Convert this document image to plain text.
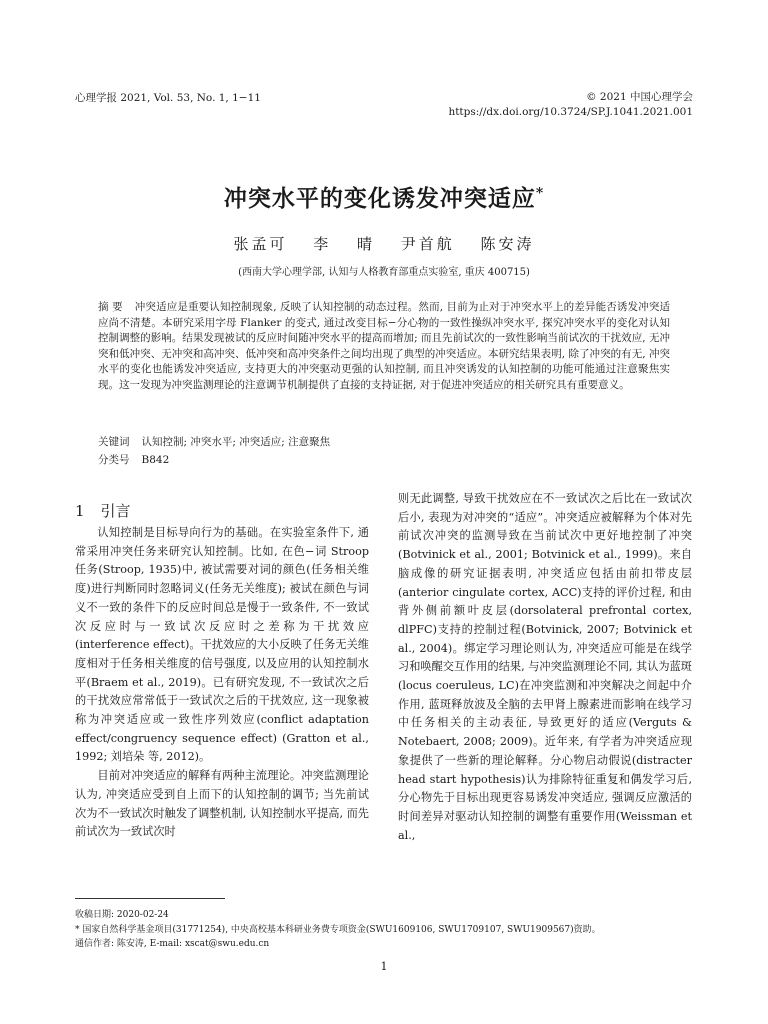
心理学报 2021, Vol. 53, No. 1, 1−11	© 2021 中国心理学会
https://dx.doi.org/10.3724/SP.J.1041.2021.001
冲突水平的变化诱发冲突适应*
张孟可 李 晴 尹首航 陈安涛
(西南大学心理学部, 认知与人格教育部重点实验室, 重庆 400715)
摘 要 冲突适应是重要认知控制现象, 反映了认知控制的动态过程。然而, 目前为止对于冲突水平上的差异能否诱发冲突适应尚不清楚。本研究采用字母 Flanker 的变式, 通过改变目标−分心物的一致性操纵冲突水平, 探究冲突水平的变化对认知控制调整的影响。结果发现被试的反应时间随冲突水平的提高而增加; 而且先前试次的一致性影响当前试次的干扰效应, 无冲突和低冲突、无冲突和高冲突、低冲突和高冲突条件之间均出现了典型的冲突适应。本研究结果表明, 除了冲突的有无, 冲突水平的变化也能诱发冲突适应, 支持更大的冲突驱动更强的认知控制, 而且冲突诱发的认知控制的功能可能通过注意聚焦实现。这一发现为冲突监测理论的注意调节机制提供了直接的支持证据, 对于促进冲突适应的相关研究具有重要意义。
关键词 认知控制; 冲突水平; 冲突适应; 注意聚焦
分类号 B842
1 引言

认知控制是目标导向行为的基础。在实验室条件下, 通常采用冲突任务来研究认知控制。比如, 在色−词 Stroop 任务(Stroop, 1935)中, 被试需要对词的颜色(任务相关维度)进行判断同时忽略词义(任务无关维度); 被试在颜色与词义不一致的条件下的反应时间总是慢于一致条件, 不一致试次反应时与一致试次反应时之差称为干扰效应(interference effect)。干扰效应的大小反映了任务无关维度相对于任务相关维度的信号强度, 以及应用的认知控制水平(Braem et al., 2019)。已有研究发现, 不一致试次之后的干扰效应常常低于一致试次之后的干扰效应, 这一现象被称为冲突适应或一致性序列效应(conflict adaptation effect/congruency sequence effect) (Gratton et al., 1992; 刘培朵 等, 2012)。

目前对冲突适应的解释有两种主流理论。冲突监测理论认为, 冲突适应受到自上而下的认知控制的调节; 当先前试次为不一致试次时触发了调整机制, 认知控制水平提高, 而先前试次为一致试次时

则无此调整, 导致干扰效应在不一致试次之后比在一致试次后小, 表现为对冲突的“适应”。冲突适应被解释为个体对先前试次冲突的监测导致在当前试次中更好地控制了冲突(Botvinick et al., 2001; Botvinick et al., 1999)。来自脑成像的研究证据表明, 冲突适应包括由前扣带皮层(anterior cingulate cortex, ACC)支持的评价过程, 和由背外侧前额叶皮层(dorsolateral prefrontal cortex, dlPFC)支持的控制过程(Botvinick, 2007; Botvinick et al., 2004)。绑定学习理论则认为, 冲突适应可能是在线学习和唤醒交互作用的结果, 与冲突监测理论不同, 其认为蓝斑(locus coeruleus, LC)在冲突监测和冲突解决之间起中介作用, 蓝斑释放波及全脑的去甲肾上腺素进而影响在线学习中任务相关的主动表征, 导致更好的适应(Verguts & Notebaert, 2008; 2009)。近年来, 有学者为冲突适应现象提供了一些新的理论解释。分心物启动假说(distracter head start hypothesis)认为排除特征重复和偶发学习后, 分心物先于目标出现更容易诱发冲突适应, 强调反应激活的时间差异对驱动认知控制的调整有重要作用(Weissman et al.,

收稿日期: 2020-02-24
* 国家自然科学基金项目(31771254), 中央高校基本科研业务费专项资金(SWU1609106, SWU1709107, SWU1909567)资助。
通信作者: 陈安涛, E-mail: xscat@swu.edu.cn
1
